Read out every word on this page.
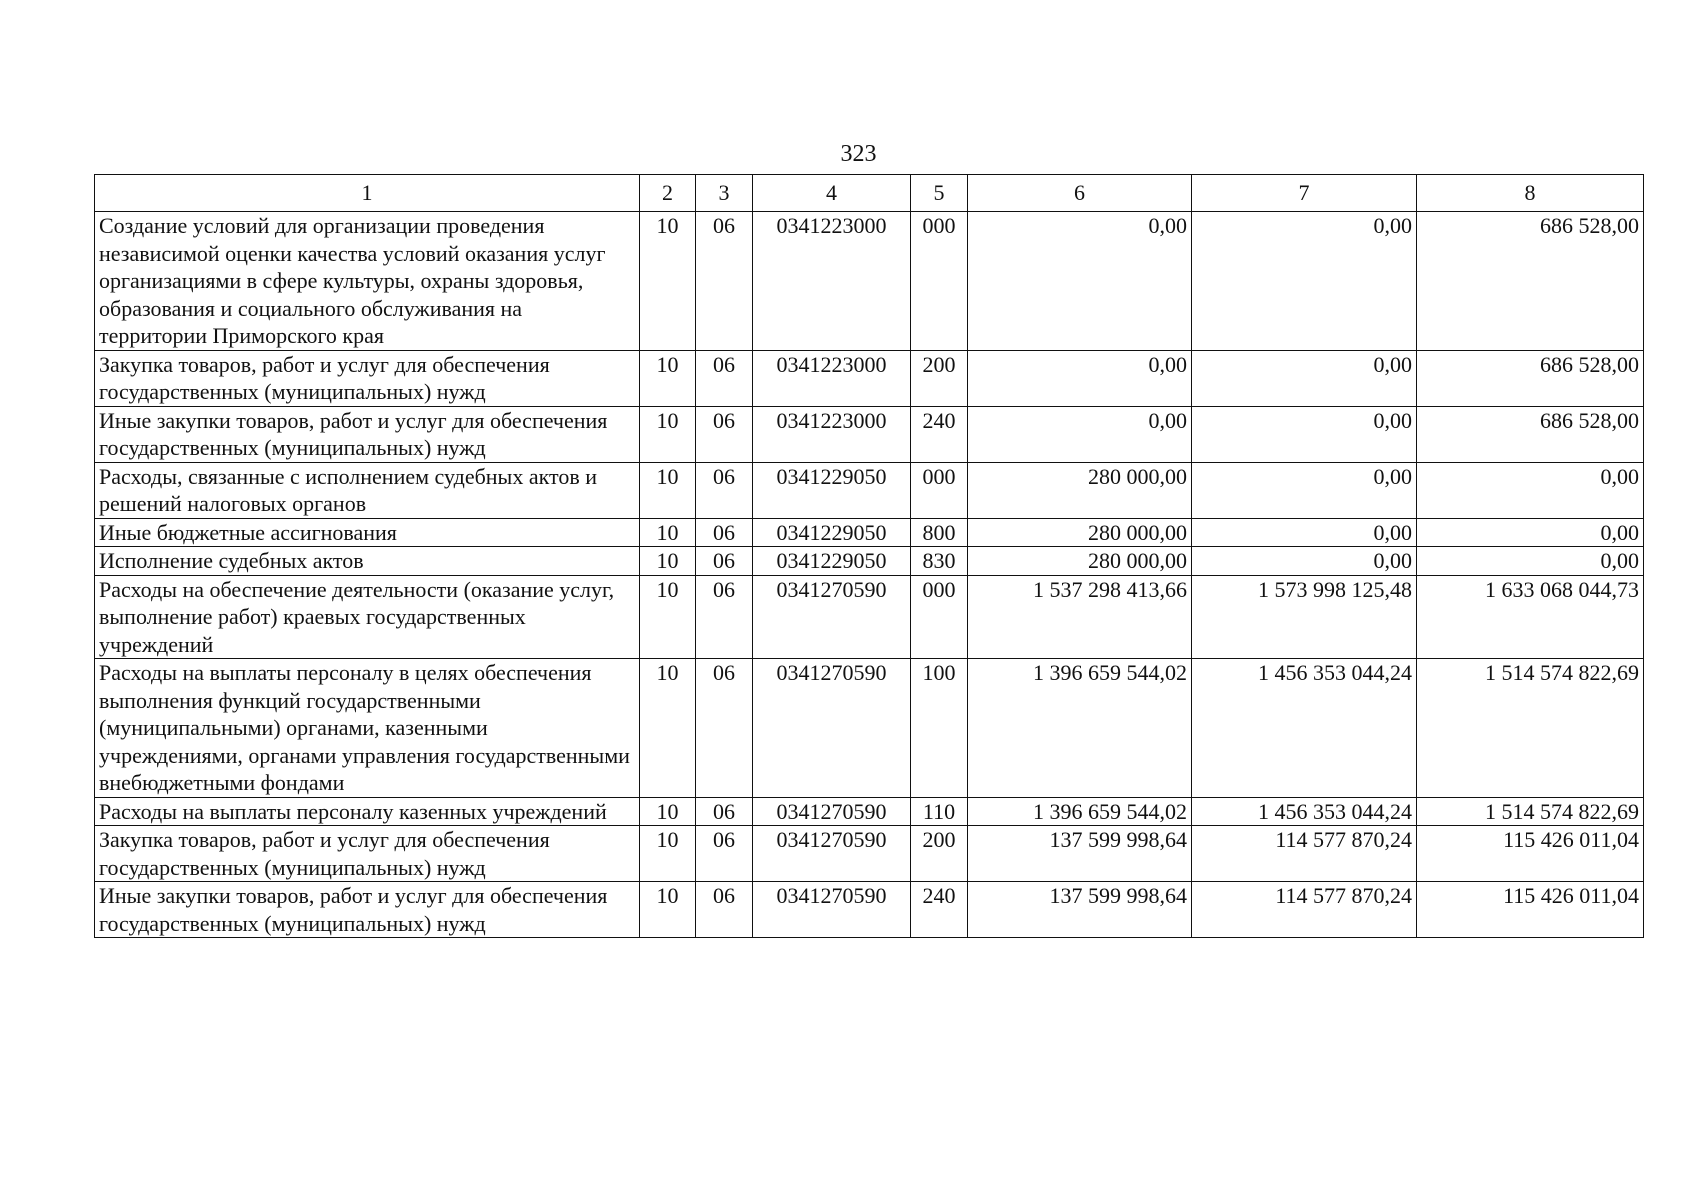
323
1	2	3	4	5	6	7	8
Создание условий для организации проведения независимой оценки качества условий оказания услуг организациями в сфере культуры, охраны здоровья, образования и социального обслуживания на территории Приморского края	10	06	0341223000	000	0,00	0,00	686 528,00
Закупка товаров, работ и услуг для обеспечения государственных (муниципальных) нужд	10	06	0341223000	200	0,00	0,00	686 528,00
Иные закупки товаров, работ и услуг для обеспечения государственных (муниципальных) нужд	10	06	0341223000	240	0,00	0,00	686 528,00
Расходы, связанные с исполнением судебных актов и решений налоговых органов	10	06	0341229050	000	280 000,00	0,00	0,00
Иные бюджетные ассигнования	10	06	0341229050	800	280 000,00	0,00	0,00
Исполнение судебных актов	10	06	0341229050	830	280 000,00	0,00	0,00
Расходы на обеспечение деятельности (оказание услуг, выполнение работ) краевых государственных учреждений	10	06	0341270590	000	1 537 298 413,66	1 573 998 125,48	1 633 068 044,73
Расходы на выплаты персоналу в целях обеспечения выполнения функций государственными (муниципальными) органами, казенными учреждениями, органами управления государственными внебюджетными фондами	10	06	0341270590	100	1 396 659 544,02	1 456 353 044,24	1 514 574 822,69
Расходы на выплаты персоналу казенных учреждений	10	06	0341270590	110	1 396 659 544,02	1 456 353 044,24	1 514 574 822,69
Закупка товаров, работ и услуг для обеспечения государственных (муниципальных) нужд	10	06	0341270590	200	137 599 998,64	114 577 870,24	115 426 011,04
Иные закупки товаров, работ и услуг для обеспечения государственных (муниципальных) нужд	10	06	0341270590	240	137 599 998,64	114 577 870,24	115 426 011,04
